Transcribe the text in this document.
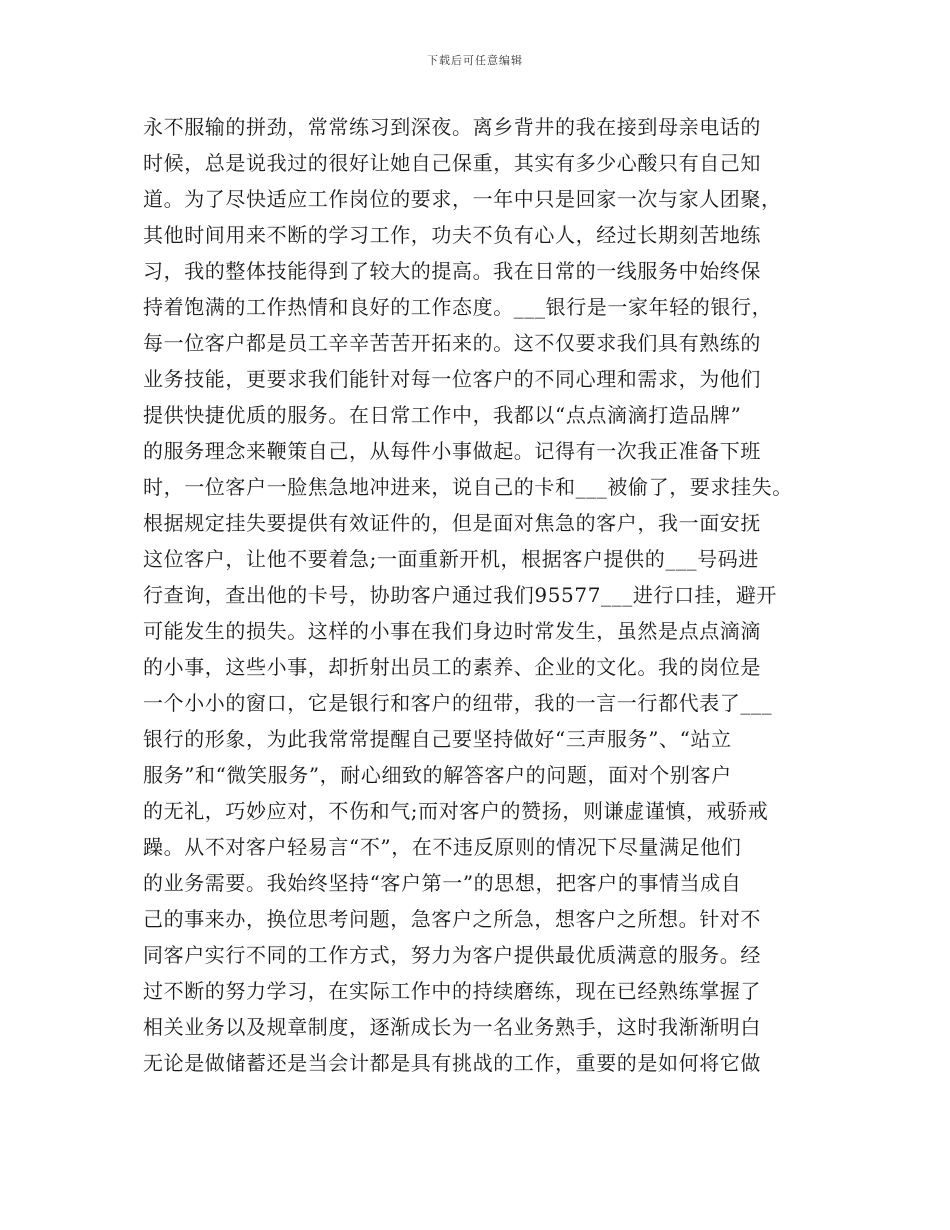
下载后可任意编辑
永不服输的拼劲，常常练习到深夜。离乡背井的我在接到母亲电话的
时候，总是说我过的很好让她自己保重，其实有多少心酸只有自己知
道。为了尽快适应工作岗位的要求，一年中只是回家一次与家人团聚，
其他时间用来不断的学习工作，功夫不负有心人，经过长期刻苦地练
习，我的整体技能得到了较大的提高。我在日常的一线服务中始终保
持着饱满的工作热情和良好的工作态度。___银行是一家年轻的银行，
每一位客户都是员工辛辛苦苦开拓来的。这不仅要求我们具有熟练的
业务技能，更要求我们能针对每一位客户的不同心理和需求，为他们
提供快捷优质的服务。在日常工作中，我都以“点点滴滴打造品牌”
的服务理念来鞭策自己，从每件小事做起。记得有一次我正准备下班
时，一位客户一脸焦急地冲进来，说自己的卡和___被偷了，要求挂失。
根据规定挂失要提供有效证件的，但是面对焦急的客户，我一面安抚
这位客户，让他不要着急;一面重新开机，根据客户提供的___号码进
行查询，查出他的卡号，协助客户通过我们95577___进行口挂，避开
可能发生的损失。这样的小事在我们身边时常发生，虽然是点点滴滴
的小事，这些小事，却折射出员工的素养、企业的文化。我的岗位是
一个小小的窗口，它是银行和客户的纽带，我的一言一行都代表了___
银行的形象，为此我常常提醒自己要坚持做好“三声服务”、“站立
服务”和“微笑服务”，耐心细致的解答客户的问题，面对个别客户
的无礼，巧妙应对，不伤和气;而对客户的赞扬，则谦虚谨慎，戒骄戒
躁。从不对客户轻易言“不”，在不违反原则的情况下尽量满足他们
的业务需要。我始终坚持“客户第一”的思想，把客户的事情当成自
己的事来办，换位思考问题，急客户之所急，想客户之所想。针对不
同客户实行不同的工作方式，努力为客户提供最优质满意的服务。经
过不断的努力学习，在实际工作中的持续磨练，现在已经熟练掌握了
相关业务以及规章制度，逐渐成长为一名业务熟手，这时我渐渐明白
无论是做储蓄还是当会计都是具有挑战的工作，重要的是如何将它做
